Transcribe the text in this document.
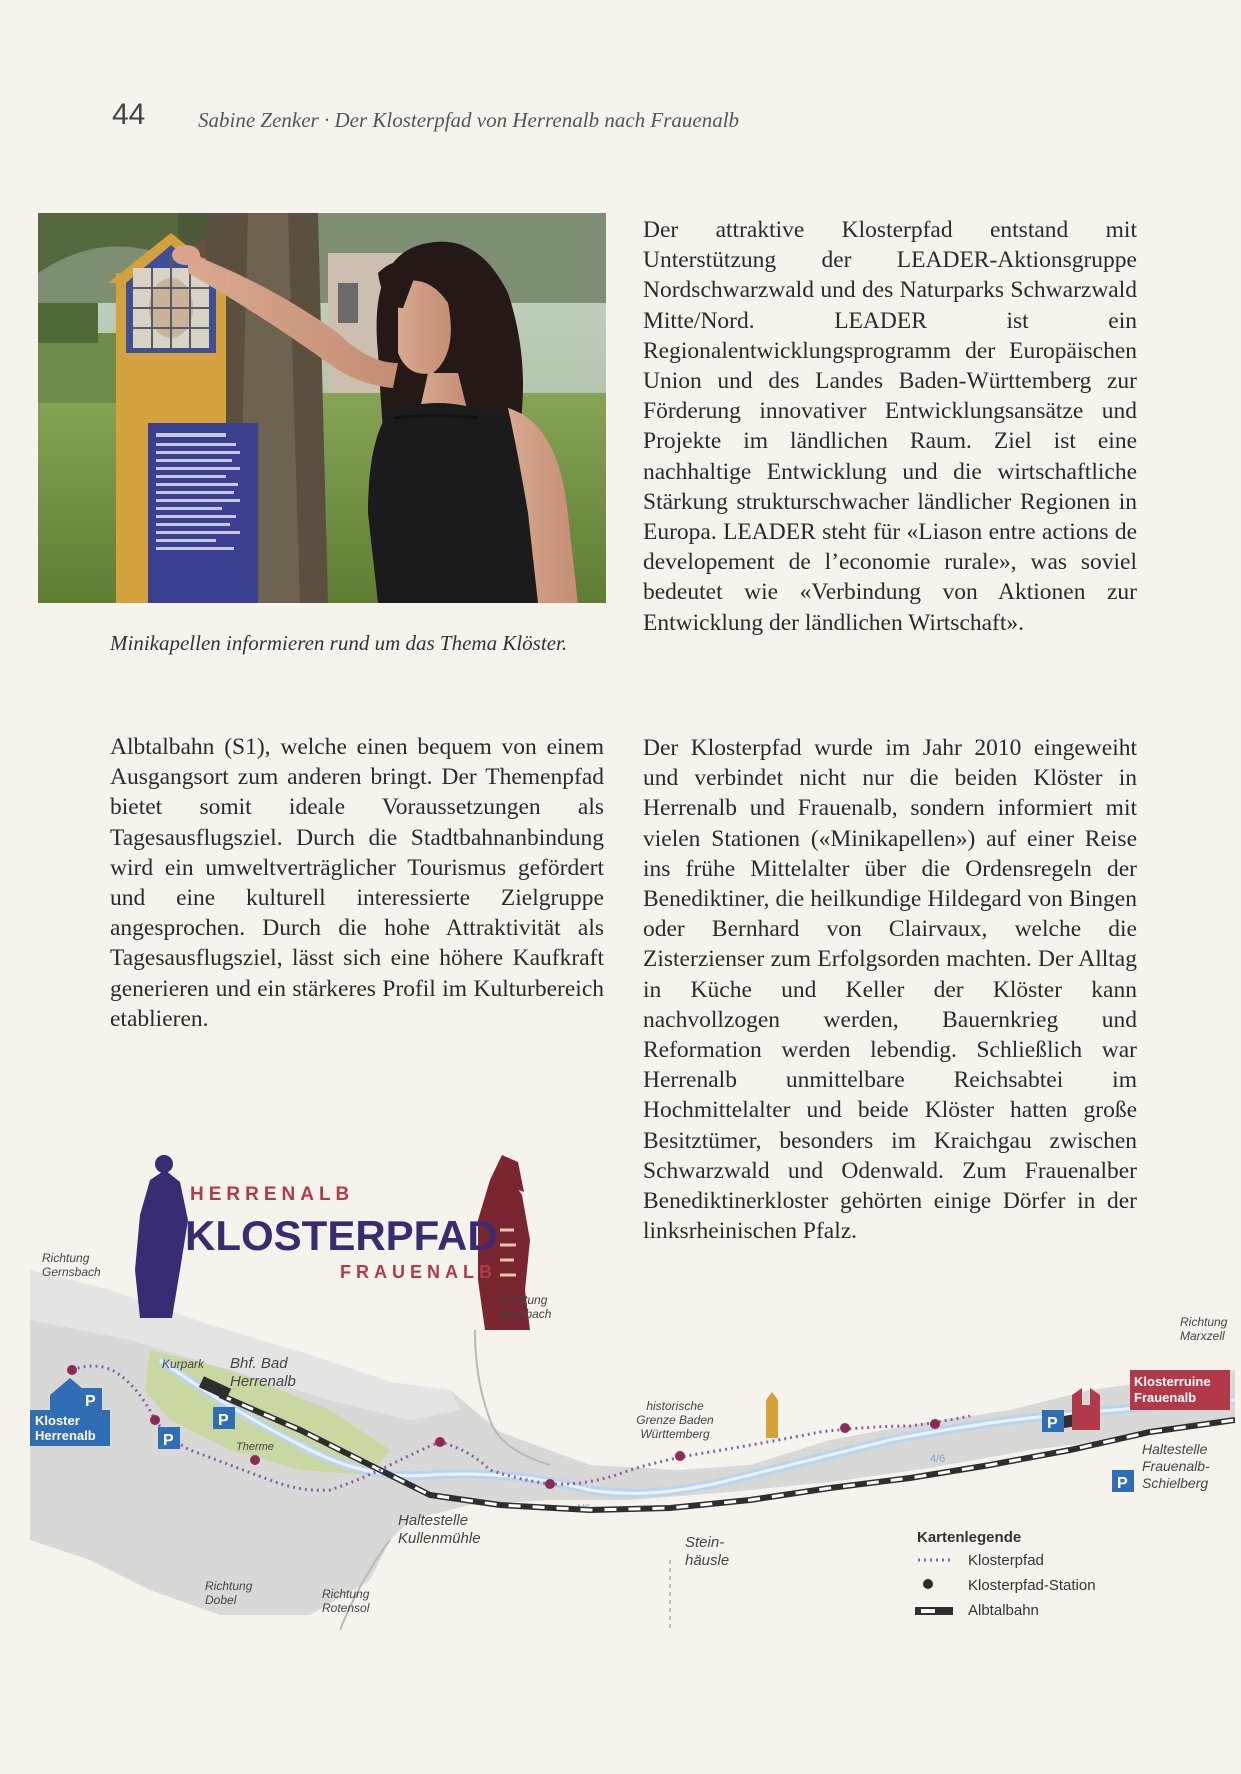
44	Sabine Zenker · Der Klosterpfad von Herrenalb nach Frauenalb
Minikapellen informieren rund um das Thema Klöster.

Albtalbahn (S1), welche einen bequem von einem Ausgangsort zum anderen bringt. Der Themenpfad bietet somit ideale Voraussetzungen als Tagesausflugsziel. Durch die Stadtbahnanbindung wird ein umweltverträglicher Tourismus gefördert und eine kulturell interessierte Zielgruppe angesprochen. Durch die hohe Attraktivität als Tagesausflugsziel, lässt sich eine höhere Kaufkraft generieren und ein stärkeres Profil im Kulturbereich etablieren.

Der attraktive Klosterpfad entstand mit Unterstützung der LEADER-Aktionsgruppe Nordschwarzwald und des Naturparks Schwarzwald Mitte/Nord. LEADER ist ein Regionalentwicklungsprogramm der Europäischen Union und des Landes Baden-Württemberg zur Förderung innovativer Entwicklungsansätze und Projekte im ländlichen Raum. Ziel ist eine nachhaltige Entwicklung und die wirtschaftliche Stärkung strukturschwacher ländlicher Regionen in Europa. LEADER steht für «Liason entre actions de developement de l’economie rurale», was soviel bedeutet wie «Verbindung von Aktionen zur Entwicklung der ländlichen Wirtschaft».

Der Klosterpfad wurde im Jahr 2010 eingeweiht und verbindet nicht nur die beiden Klöster in Herrenalb und Frauenalb, sondern informiert mit vielen Stationen («Minikapellen») auf einer Reise ins frühe Mittelalter über die Ordensregeln der Benediktiner, die heilkundige Hildegard von Bingen oder Bernhard von Clairvaux, welche die Zisterzienser zum Erfolgsorden machten. Der Alltag in Küche und Keller der Klöster kann nachvollzogen werden, Bauernkrieg und Reformation werden lebendig. Schließlich war Herrenalb unmittelbare Reichsabtei im Hochmittelalter und beide Klöster hatten große Besitztümer, besonders im Kraichgau zwischen Schwarzwald und Odenwald. Zum Frauenalber Benediktinerkloster gehörten einige Dörfer in der linksrheinischen Pfalz.

4/6
4/6
P
Kloster
Herrenalb	P
P	P
P
Klosterruine
Frauenalb
HERRENALB
KLOSTERPFAD
FRAUENALB
Richtung
Gernsbach
Kurpark Bhf. Bad
Herrenalb
Therme
Richtung
Bernbach
Haltestelle
Kullenmühle
Richtung
Dobel	Richtung
Rotensol
historische
Grenze Baden
Württemberg
Stein-
häusle
Richtung
Marxzell
Haltestelle
Frauenalb-
Schielberg
Kartenlegende
Klosterpfad
Klosterpfad-Station
Albtalbahn
